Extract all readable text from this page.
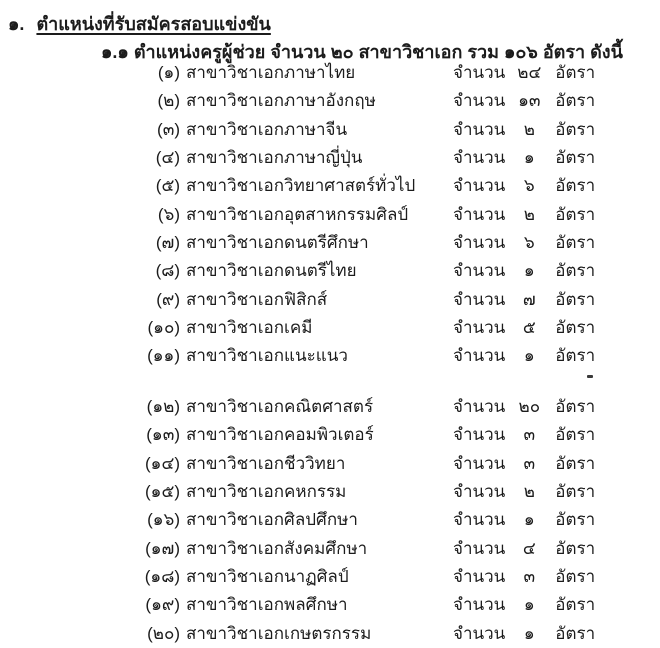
๑. ตำแหน่งที่รับสมัครสอบแข่งขัน
๑.๑ ตำแหน่งครูผู้ช่วย จำนวน ๒๐ สาขาวิชาเอก รวม ๑๐๖ อัตรา ดังนี้
(๑) สาขาวิชาเอกภาษาไทย	จำนวน ๒๔ อัตรา
(๒) สาขาวิชาเอกภาษาอังกฤษ	จำนวน ๑๓ อัตรา
(๓) สาขาวิชาเอกภาษาจีน	จำนวน ๒ อัตรา
(๔) สาขาวิชาเอกภาษาญี่ปุ่น	จำนวน ๑ อัตรา
(๕) สาขาวิชาเอกวิทยาศาสตร์ทั่วไป จำนวน ๖ อัตรา
(๖) สาขาวิชาเอกอุตสาหกรรมศิลป์	จำนวน ๒ อัตรา
(๗) สาขาวิชาเอกดนตรีศึกษา	จำนวน ๖ อัตรา
(๘) สาขาวิชาเอกดนตรีไทย	จำนวน ๑ อัตรา
(๙) สาขาวิชาเอกฟิสิกส์	จำนวน ๗ อัตรา
(๑๐) สาขาวิชาเอกเคมี	จำนวน ๕ อัตรา
(๑๑) สาขาวิชาเอกแนะแนว	จำนวน ๑ อัตรา
(๑๒) สาขาวิชาเอกคณิตศาสตร์	จำนวน ๒๐ อัตรา
(๑๓) สาขาวิชาเอกคอมพิวเตอร์	จำนวน ๓ อัตรา
(๑๔) สาขาวิชาเอกชีววิทยา	จำนวน ๓ อัตรา
(๑๕) สาขาวิชาเอกคหกรรม	จำนวน ๒ อัตรา
(๑๖) สาขาวิชาเอกศิลปศึกษา	จำนวน ๑ อัตรา
(๑๗) สาขาวิชาเอกสังคมศึกษา	จำนวน ๔ อัตรา
(๑๘) สาขาวิชาเอกนาฏศิลป์	จำนวน ๓ อัตรา
(๑๙) สาขาวิชาเอกพลศึกษา	จำนวน ๑ อัตรา
(๒๐) สาขาวิชาเอกเกษตรกรรม	จำนวน ๑ อัตรา
